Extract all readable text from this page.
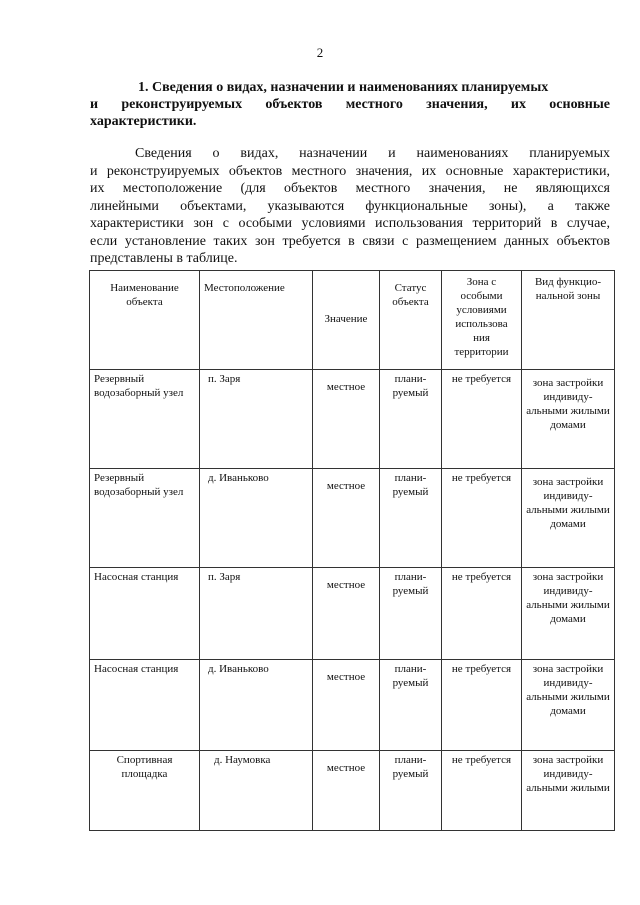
2
1. Сведения о видах, назначении и наименованиях планируемых
и реконструируемых объектов местного значения, их основные
характеристики.
Сведения о видах, назначении и наименованиях планируемых
и реконструируемых объектов местного значения, их основные характеристики,
их местоположение (для объектов местного значения, не являющихся
линейными объектами, указываются функциональные зоны), а также
характеристики зон с особыми условиями использования территорий в случае,
если установление таких зон требуется в связи с размещением данных объектов
представлены в таблице.
Наименование объекта	Местоположение	Значение	Статус объекта	Зона с особыми условиями использова ния территории	Вид функцио- нальной зоны
Резервный водозаборный узел	п. Заря	местное	плани- руемый	не требуется	зона застройки индивиду- альными жилыми домами
Резервный водозаборный узел	д. Иваньково	местное	плани- руемый	не требуется	зона застройки индивиду- альными жилыми домами
Насосная станция	п. Заря	местное	плани- руемый	не требуется	зона застройки индивиду- альными жилыми домами
Насосная станция	д. Иваньково	местное	плани- руемый	не требуется	зона застройки индивиду- альными жилыми домами
Спортивная площадка	д. Наумовка	местное	плани- руемый	не требуется	зона застройки индивиду- альными жилыми
